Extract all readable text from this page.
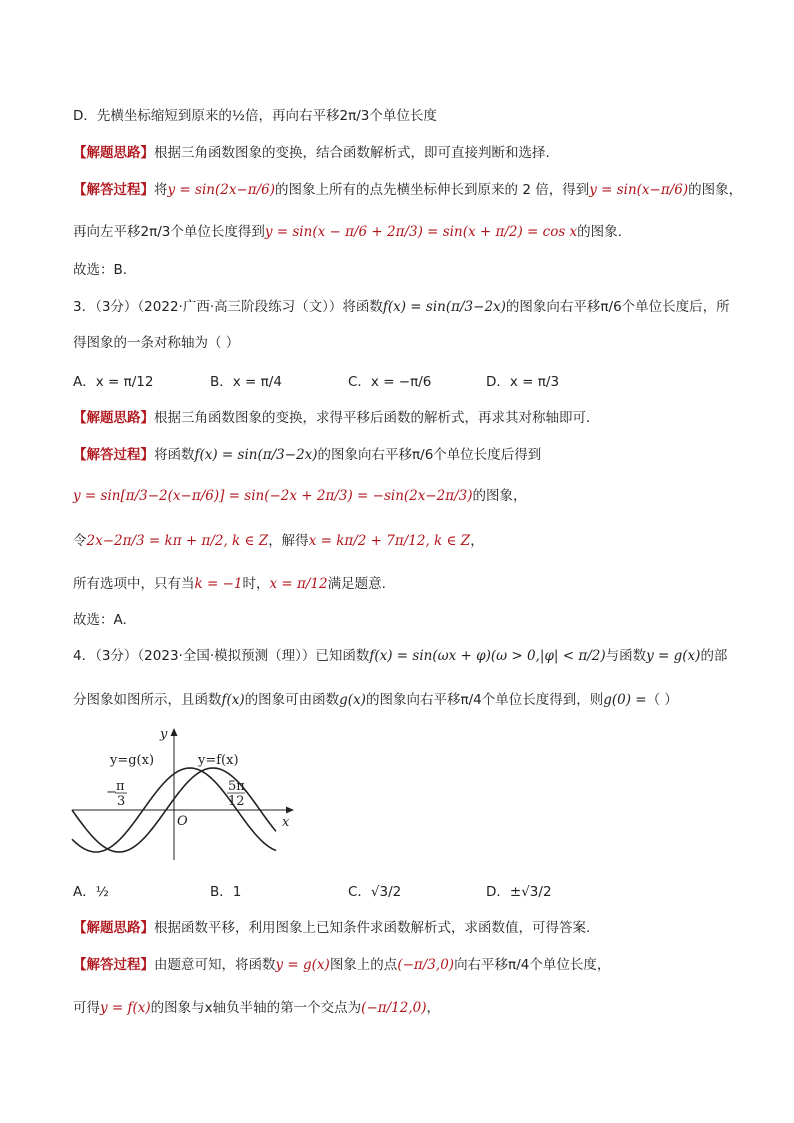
D．先横坐标缩短到原来的½倍，再向右平移2π/3个单位长度
【解题思路】根据三角函数图象的变换，结合函数解析式，即可直接判断和选择.
【解答过程】将y = sin(2x−π/6)的图象上所有的点先横坐标伸长到原来的 2 倍，得到y = sin(x−π/6)的图象，
再向左平移2π/3个单位长度得到y = sin(x − π/6 + 2π/3) = sin(x + π/2) = cos x的图象.
故选：B.
3．（3分）（2022·广西·高三阶段练习（文））将函数f(x) = sin(π/3−2x)的图象向右平移π/6个单位长度后，所
得图象的一条对称轴为（ ）
A．x = π/12	B．x = π/4	C．x = −π/6	D．x = π/3
【解题思路】根据三角函数图象的变换，求得平移后函数的解析式，再求其对称轴即可.
【解答过程】将函数f(x) = sin(π/3−2x)的图象向右平移π/6个单位长度后得到
y = sin[π/3−2(x−π/6)] = sin(−2x + 2π/3) = −sin(2x−2π/3)的图象，
令2x−2π/3 = kπ + π/2, k ∈ Z，解得x = kπ/2 + 7π/12, k ∈ Z，
所有选项中，只有当k = −1时，x = π/12满足题意.
故选：A.
4．（3分）（2023·全国·模拟预测（理））已知函数f(x) = sin(ωx + φ)(ω > 0,|φ| < π/2)与函数y = g(x)的部
分图象如图所示，且函数f(x)的图象可由函数g(x)的图象向右平移π/4个单位长度得到，则g(0) =（ ）
y=g(x)	y=f(x)
y
x
O
− π
3
5π
12
A．½	B．1	C．√3/2	D．±√3/2
【解题思路】根据函数平移，利用图象上已知条件求函数解析式，求函数值，可得答案.
【解答过程】由题意可知，将函数y = g(x)图象上的点(−π/3,0)向右平移π/4个单位长度，
可得y = f(x)的图象与x轴负半轴的第一个交点为(−π/12,0)，
